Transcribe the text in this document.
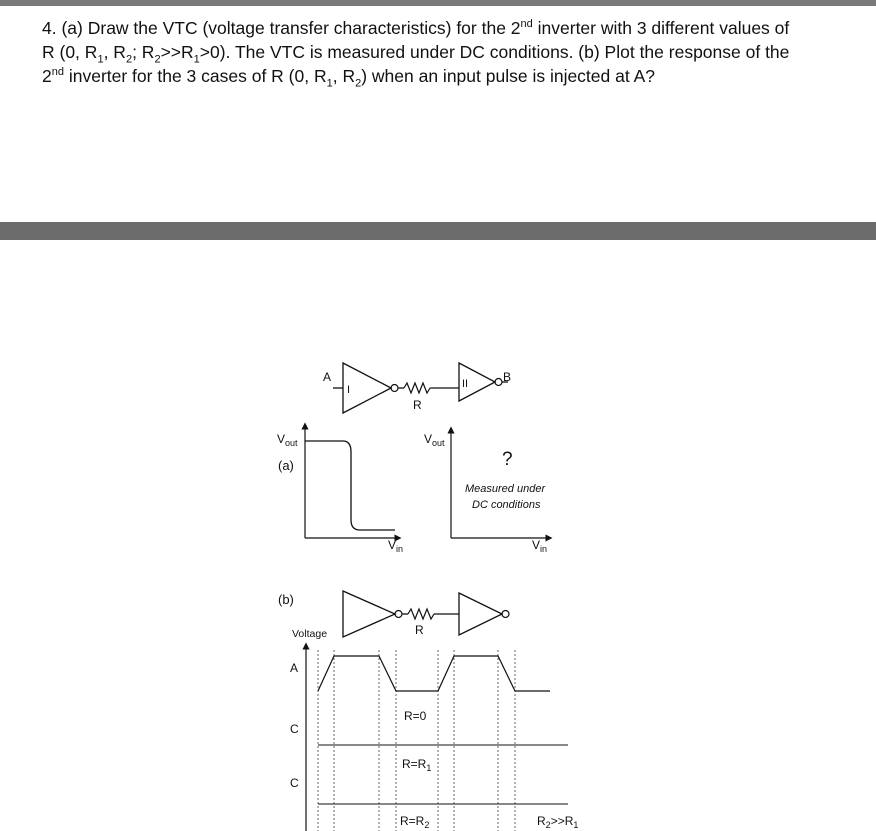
4. (a) Draw the VTC (voltage transfer characteristics) for the 2nd inverter with 3 different values of
R (0, $R_1$, $R_2$; $R_2>>R_1>0$). The VTC is measured under DC conditions. (b) Plot the response of the
2nd inverter for the 3 cases of R (0, $R_1$, $R_2$) when an input pulse is injected at A?
A
I
R
II	B
$V_{out}$
(a)
$V_{in}$
$V_{out}$
?
Measured under
DC conditions
$V_{in}$
(b)
R
Voltage
A
C
R=0
C
$R=R_1$
$R=R_2$	$R_2>>R_1$
